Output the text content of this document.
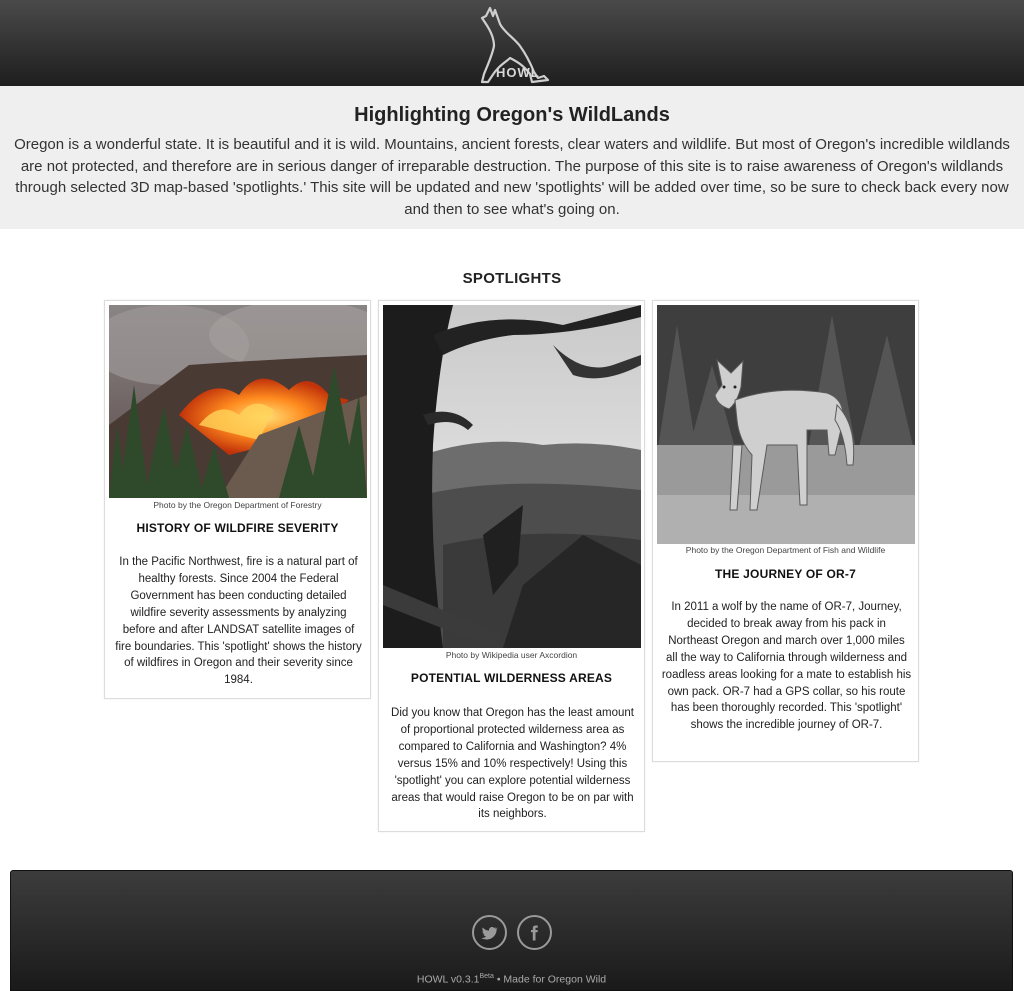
HOWL
Highlighting Oregon's WildLands

Oregon is a wonderful state. It is beautiful and it is wild. Mountains, ancient forests, clear waters and wildlife. But most of Oregon's incredible wildlands are not protected, and therefore are in serious danger of irreparable destruction. The purpose of this site is to raise awareness of Oregon's wildlands through selected 3D map-based 'spotlights.' This site will be updated and new 'spotlights' will be added over time, so be sure to check back every now and then to see what's going on.

SPOTLIGHTS
Photo by the Oregon Department of Forestry
HISTORY OF WILDFIRE SEVERITY

In the Pacific Northwest, fire is a natural part of healthy forests. Since 2004 the Federal Government has been conducting detailed wildfire severity assessments by analyzing before and after LANDSAT satellite images of fire boundaries. This 'spotlight' shows the history of wildfires in Oregon and their severity since 1984.

Photo by Wikipedia user Axcordion
POTENTIAL WILDERNESS AREAS

Did you know that Oregon has the least amount of proportional protected wilderness area as compared to California and Washington? 4% versus 15% and 10% respectively! Using this 'spotlight' you can explore potential wilderness areas that would raise Oregon to be on par with its neighbors.

Photo by the Oregon Department of Fish and Wildlife
THE JOURNEY OF OR-7

In 2011 a wolf by the name of OR-7, Journey, decided to break away from his pack in Northeast Oregon and march over 1,000 miles all the way to California through wilderness and roadless areas looking for a mate to establish his own pack. OR-7 had a GPS collar, so his route has been thoroughly recorded. This 'spotlight' shows the incredible journey of OR-7.

HOWL $v0.3.1^{Beta}$ • Made for Oregon Wild
